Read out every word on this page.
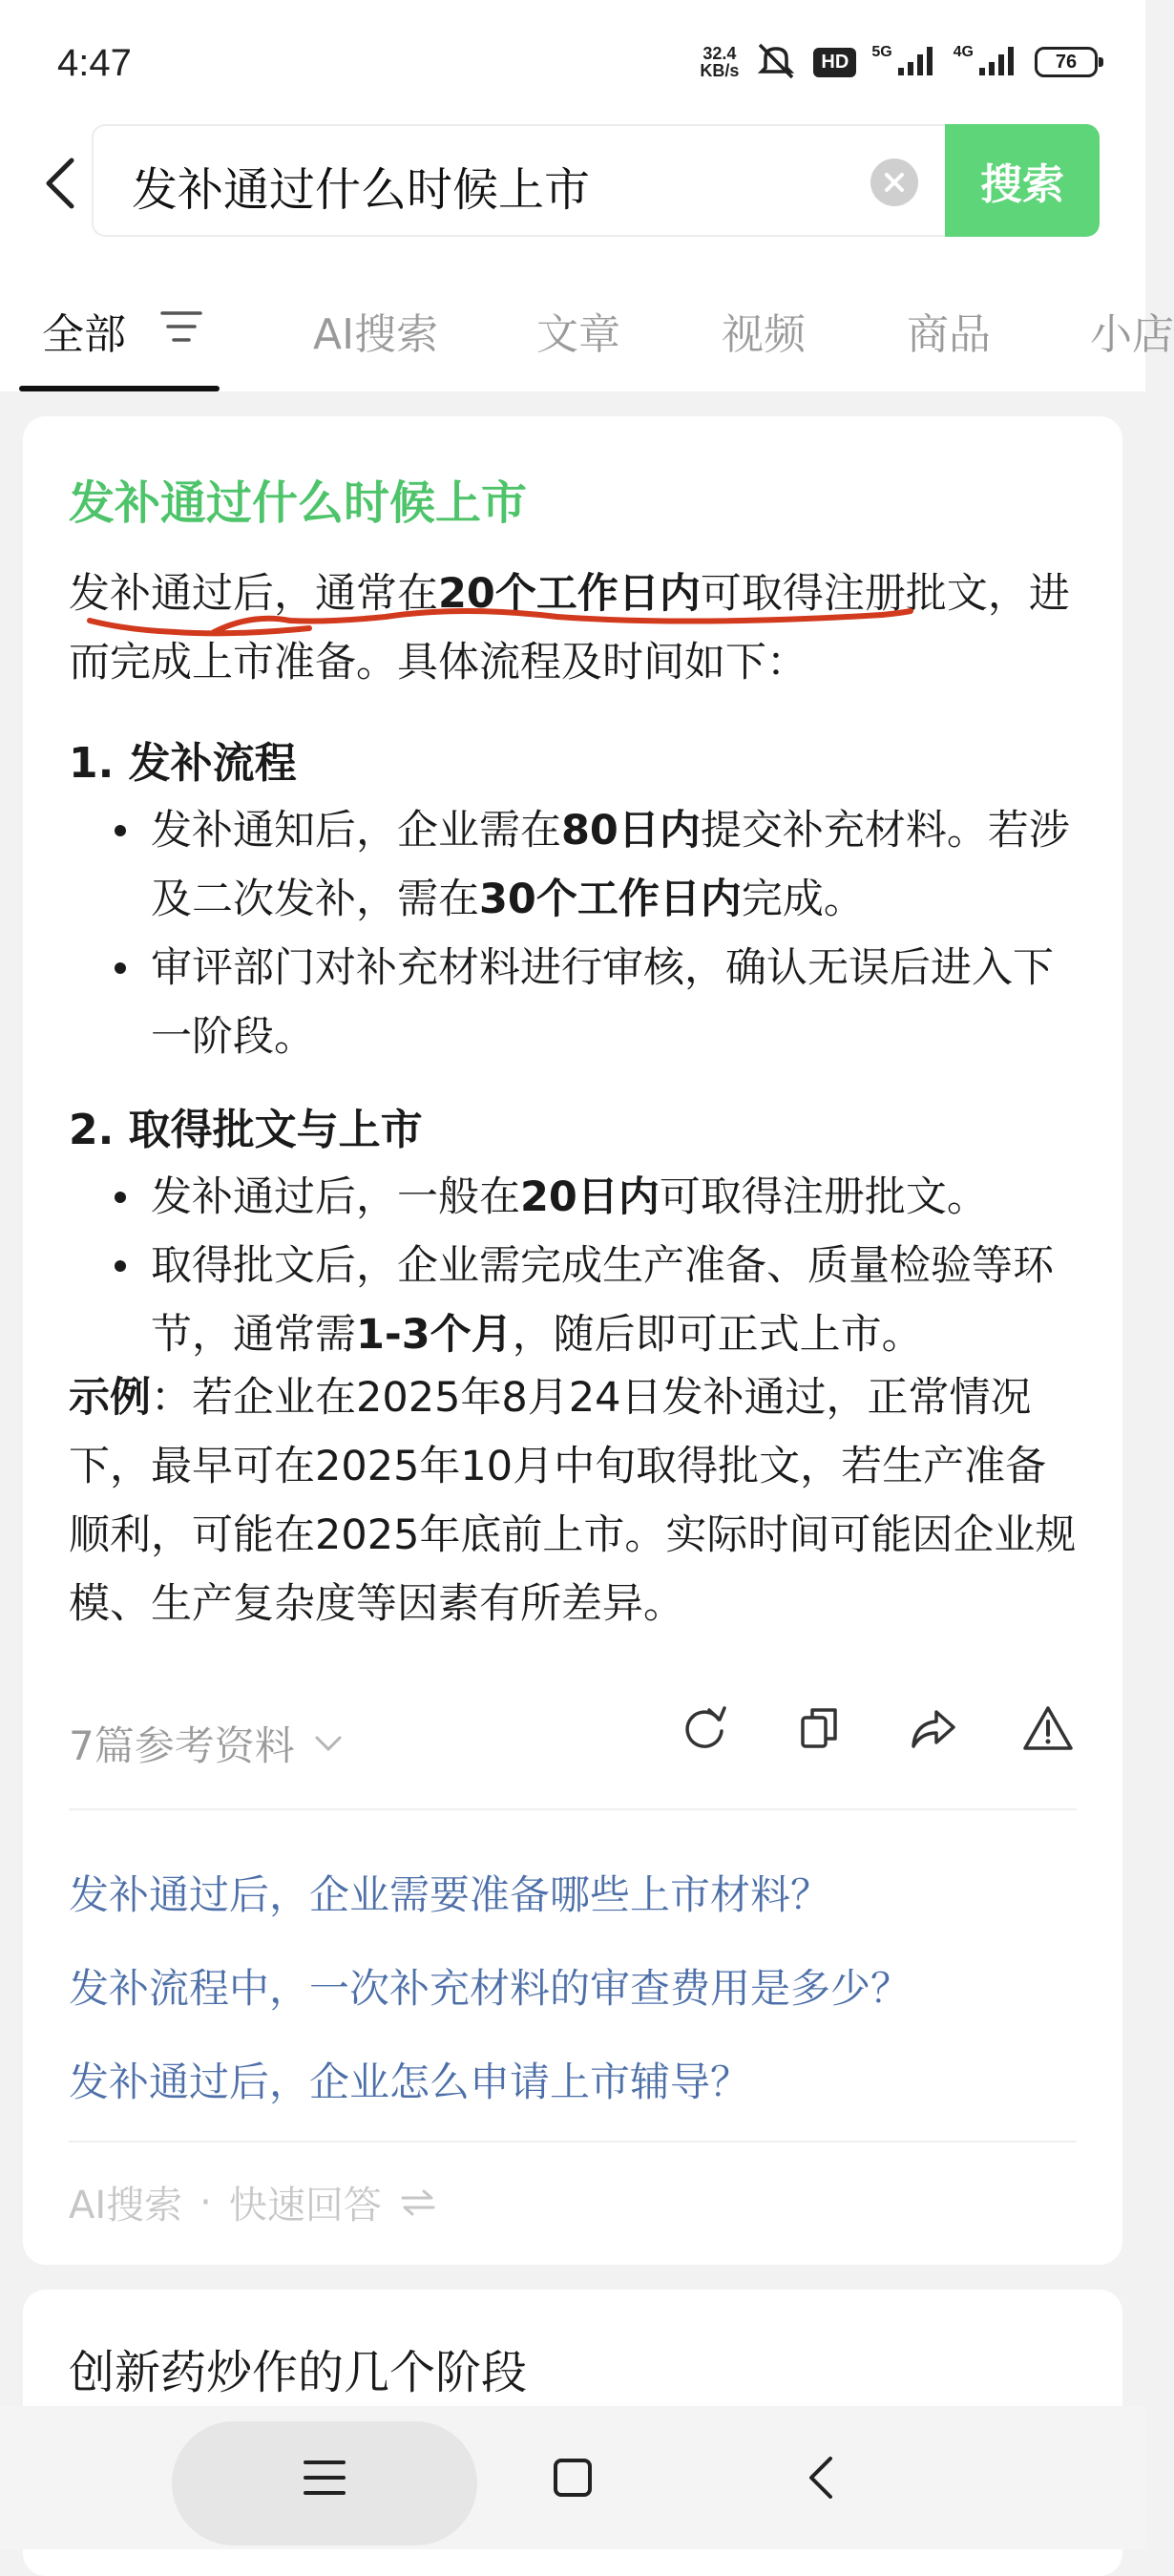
4:47	32.4
KB/s	HD	5G	4G	76
发补通过什么时候上市	搜索
全部	AI搜索 文章 视频 商品 小店
发补通过什么时候上市
发补通过后，通常在20个工作日内可取得注册批文，进而完成上市准备。具体流程及时间如下：
1. 发补流程

发补通知后，企业需在80日内提交补充材料。若涉及二次发补，需在30个工作日内完成。

审评部门对补充材料进行审核，确认无误后进入下一阶段。

2. 取得批文与上市

发补通过后，一般在20日内可取得注册批文。

取得批文后，企业需完成生产准备、质量检验等环节，通常需1-3个月，随后即可正式上市。

示例：若企业在2025年8月24日发补通过，正常情况下，最早可在2025年10月中旬取得批文，若生产准备顺利，可能在2025年底前上市。实际时间可能因企业规模、生产复杂度等因素有所差异。
7篇参考资料
发补通过后，企业需要准备哪些上市材料？
发补流程中，一次补充材料的审查费用是多少？
发补通过后，企业怎么申请上市辅导？
AI搜索 · 快速回答
创新药炒作的几个阶段
